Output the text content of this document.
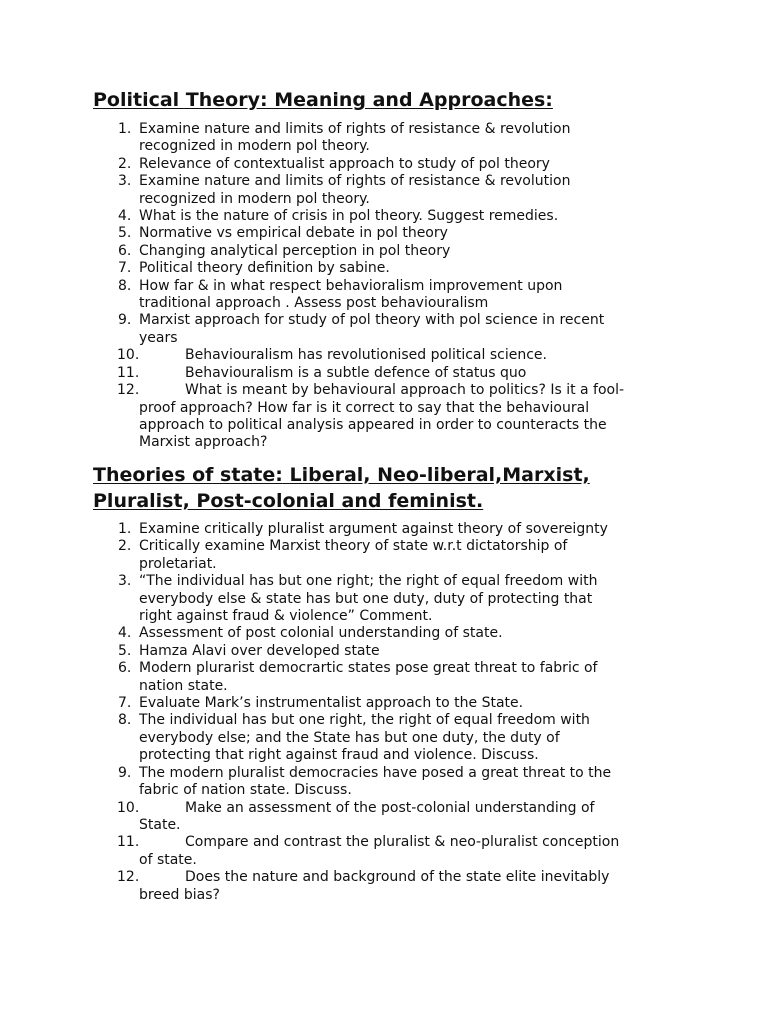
Political Theory: Meaning and Approaches:
1. Examine nature and limits of rights of resistance & revolution
recognized in modern pol theory.
2. Relevance of contextualist approach to study of pol theory
3. Examine nature and limits of rights of resistance & revolution
recognized in modern pol theory.
4. What is the nature of crisis in pol theory. Suggest remedies.
5. Normative vs empirical debate in pol theory
6. Changing analytical perception in pol theory
7. Political theory definition by sabine.
8. How far & in what respect behavioralism improvement upon
traditional approach . Assess post behaviouralism
9. Marxist approach for study of pol theory with pol science in recent
years
10.	Behaviouralism has revolutionised political science.
11.	Behaviouralism is a subtle defence of status quo
12.	What is meant by behavioural approach to politics? Is it a fool-
proof approach? How far is it correct to say that the behavioural
approach to political analysis appeared in order to counteracts the
Marxist approach?
Theories of state: Liberal, Neo-liberal,Marxist,
Pluralist, Post-colonial and feminist.
1. Examine critically pluralist argument against theory of sovereignty
2. Critically examine Marxist theory of state w.r.t dictatorship of
proletariat.
3. “The individual has but one right; the right of equal freedom with
everybody else & state has but one duty, duty of protecting that
right against fraud & violence” Comment.
4. Assessment of post colonial understanding of state.
5. Hamza Alavi over developed state
6. Modern plurarist democrartic states pose great threat to fabric of
nation state.
7. Evaluate Mark’s instrumentalist approach to the State.
8. The individual has but one right, the right of equal freedom with
everybody else; and the State has but one duty, the duty of
protecting that right against fraud and violence. Discuss.
9. The modern pluralist democracies have posed a great threat to the
fabric of nation state. Discuss.
10.	Make an assessment of the post-colonial understanding of
State.
11.	Compare and contrast the pluralist & neo-pluralist conception
of state.
12.	Does the nature and background of the state elite inevitably
breed bias?
